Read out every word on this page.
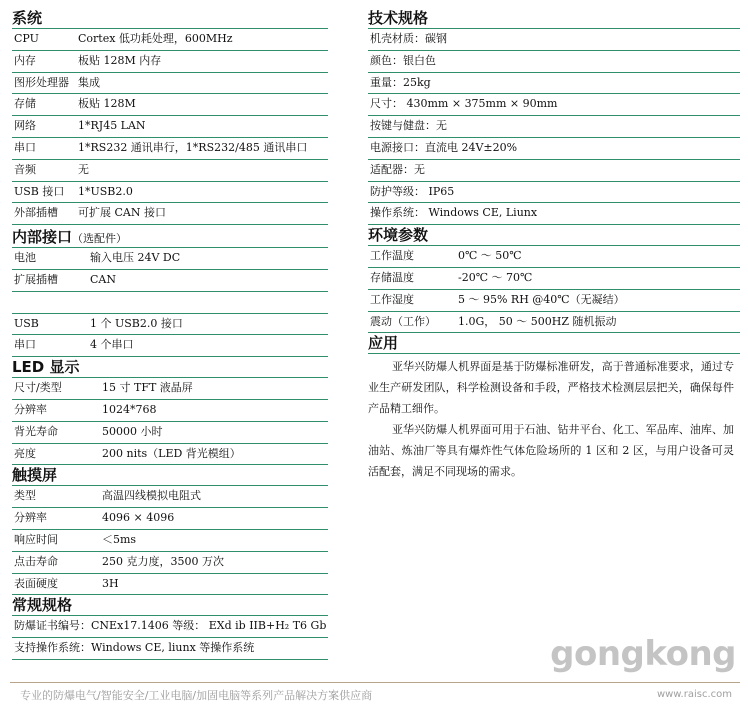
系统
CPU	Cortex 低功耗处理，600MHz
内存	板贴 128M 内存
图形处理器 集成
存储	板贴 128M
网络	1*RJ45 LAN
串口	1*RS232 通讯串行，1*RS232/485 通讯串口
音频	无
USB 接口 1*USB2.0
外部插槽 可扩展 CAN 接口
内部接口（选配件）
电池	输入电压 24V DC
扩展插槽	CAN
USB	1 个 USB2.0 接口
串口	4 个串口
LED 显示
尺寸/类型	15 寸 TFT 液晶屏
分辨率	1024*768
背光寿命	50000 小时
亮度	200 nits（LED 背光模组）
触摸屏
类型	高温四线模拟电阻式
分辨率	4096 × 4096
响应时间	＜5ms
点击寿命	250 克力度，3500 万次
表面硬度	3H
常规规格
防爆证书编号：CNEx17.1406 等级： EXd ib IIB+H₂ T6 Gb
支持操作系统：Windows CE, liunx 等操作系统
技术规格
机壳材质：碳钢
颜色：银白色
重量：25kg
尺寸： 430mm × 375mm × 90mm
按键与健盘：无
电源接口：直流电 24V±20%
适配器：无
防护等级： IP65
操作系统： Windows CE, Liunx
环境参数
工作温度	0℃ ～ 50℃
存储温度	-20℃ ～ 70℃
工作湿度	5 ～ 95% RH @40℃（无凝结）
震动（工作） 1.0G， 50 ～ 500HZ 随机振动
应用

亚华兴防爆人机界面是基于防爆标准研发，高于普通标准要求，通过专业生产研发团队，科学检测设备和手段，严格技术检测层层把关，确保每件产品精工细作。

亚华兴防爆人机界面可用于石油、钻井平台、化工、军品库、油库、加油站、炼油厂等具有爆炸性气体危险场所的 1 区和 2 区，与用户设备可灵活配套，满足不同现场的需求。

gongkong
专业的防爆电气/智能安全/工业电脑/加固电脑等系列产品解决方案供应商	www.raisc.com
